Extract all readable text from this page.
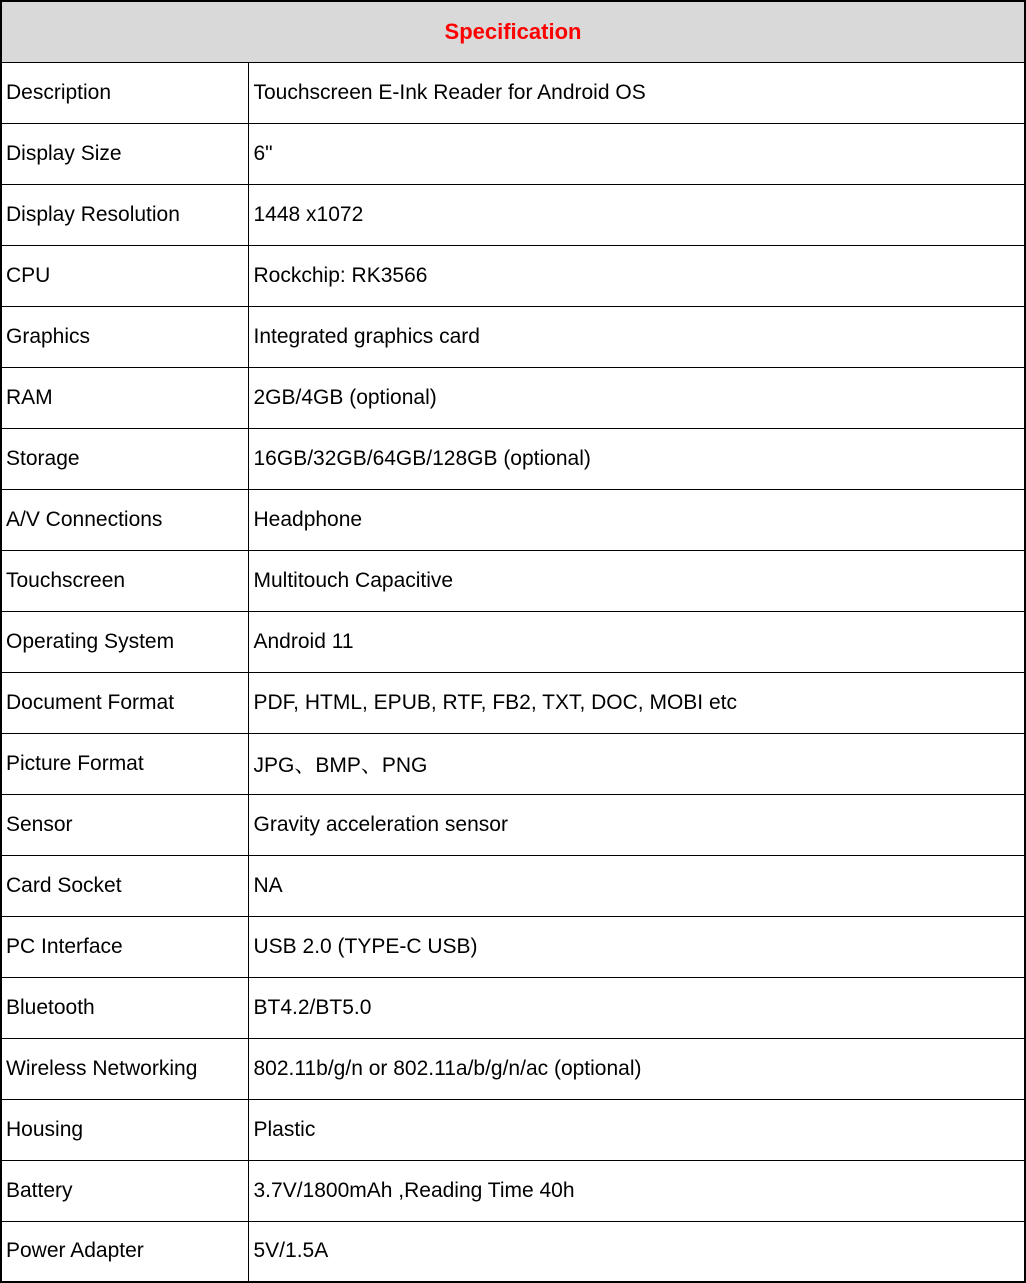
Specification	
Description	Touchscreen E-Ink Reader for Android OS
Display Size	6"
Display Resolution	1448 x1072
CPU	Rockchip: RK3566
Graphics	Integrated graphics card
RAM	2GB/4GB (optional)
Storage	16GB/32GB/64GB/128GB (optional)
A/V Connections	Headphone
Touchscreen	Multitouch Capacitive
Operating System	Android 11
Document Format	PDF, HTML, EPUB, RTF, FB2, TXT, DOC, MOBI etc
Picture Format	JPG、BMP、PNG
Sensor	Gravity acceleration sensor
Card Socket	NA
PC Interface	USB 2.0 (TYPE-C USB)
Bluetooth	BT4.2/BT5.0
Wireless Networking	802.11b/g/n or 802.11a/b/g/n/ac (optional)
Housing	Plastic
Battery	3.7V/1800mAh ,Reading Time 40h
Power Adapter	5V/1.5A
